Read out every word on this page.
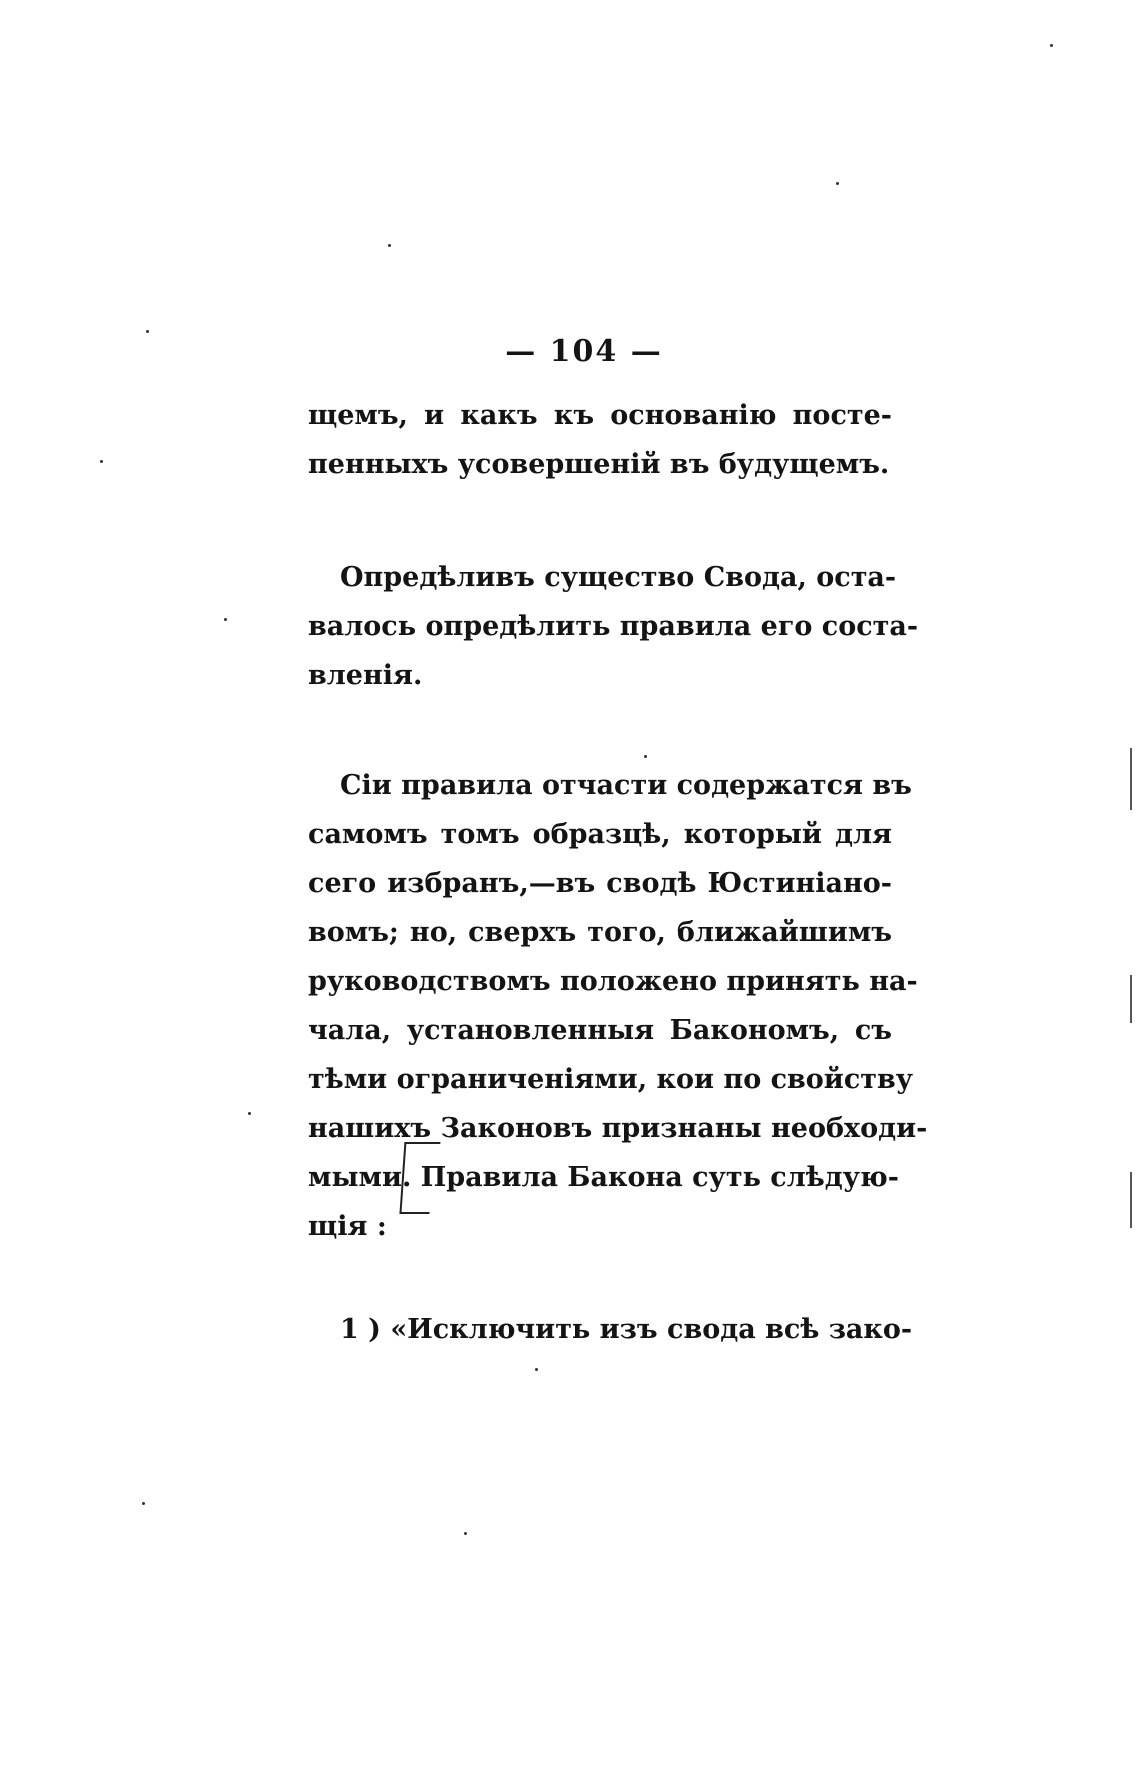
— 104 —
щемъ, и какъ къ основанію посте-
пенныхъ усовершеній въ будущемъ.
Опредѣливъ существо Свода, оста-
валось опредѣлить правила его соста-
вленія.
Сіи правила отчасти содержатся въ
самомъ томъ образцѣ, который для
сего избранъ,—въ сводѣ Юстиніано-
вомъ; но, сверхъ того, ближайшимъ
руководствомъ положено принять на-
чала, установленныя Бакономъ, съ
тѣми ограниченіями, кои по свойству
нашихъ Законовъ признаны необходи-
мыми. Правила Бакона суть слѣдую-
щія :
1 ) «Исключить изъ свода всѣ зако-
